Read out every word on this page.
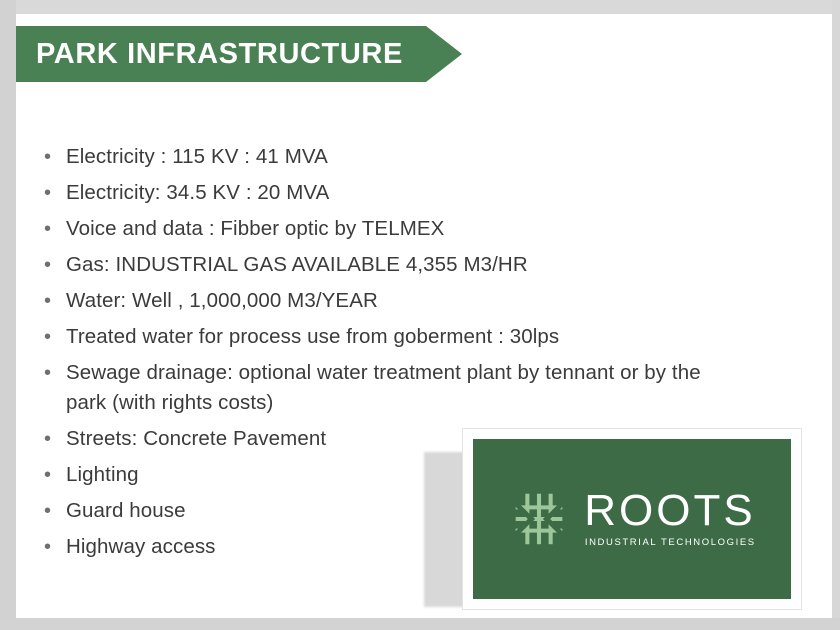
PARK INFRASTRUCTURE
• Electricity : 115 KV : 41 MVA
• Electricity: 34.5 KV : 20 MVA
• Voice and data : Fibber optic by TELMEX
• Gas: INDUSTRIAL GAS AVAILABLE 4,355 M3/HR
• Water: Well , 1,000,000 M3/YEAR
• Treated water for process use from goberment : 30lps
• Sewage drainage: optional water treatment plant by tennant or by the park (with rights costs)
• Streets: Concrete Pavement
• Lighting
• Guard house
• Highway access
ROOTS
INDUSTRIAL TECHNOLOGIES
